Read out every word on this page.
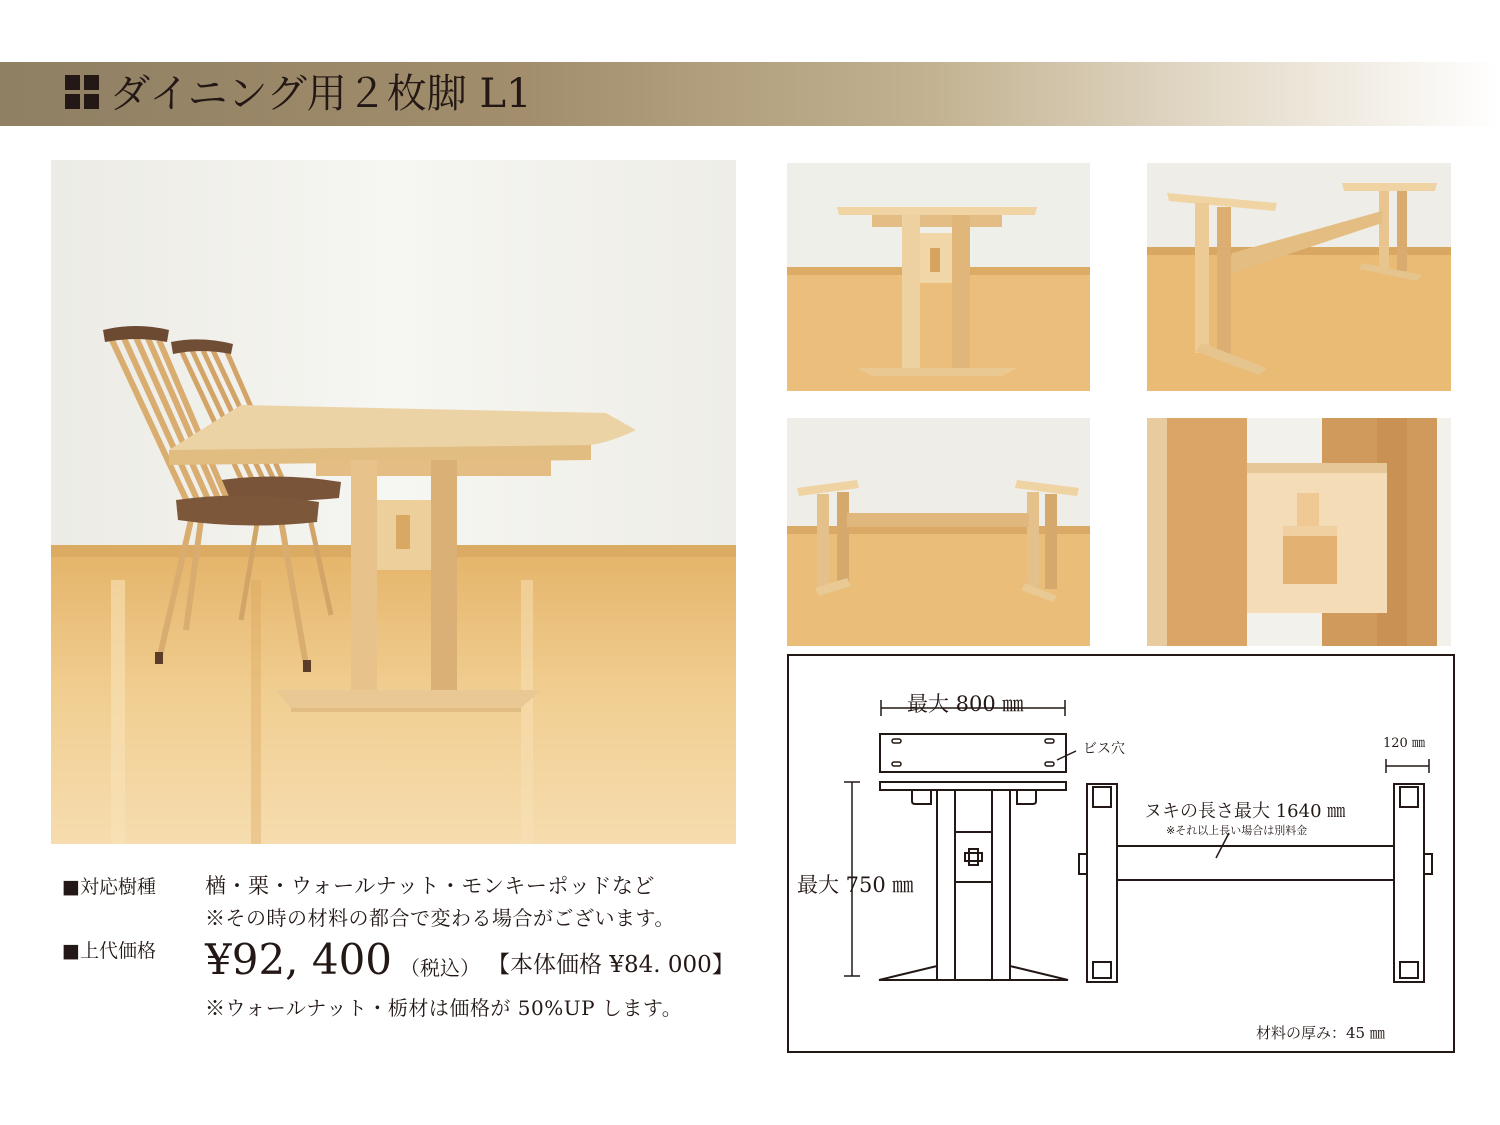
ダイニング用２枚脚 L1
■対応樹種 楢・栗・ウォールナット・モンキーポッドなど
※その時の材料の都合で変わる場合がございます。
■上代価格 ¥92, 400 （税込） 【本体価格 ¥84. 000】
※ウォールナット・栃材は価格が 50%UP します。
最大 800 ㎜
ビス穴
最大 750 ㎜
120 ㎜
ヌキの長さ最大 1640 ㎜
※それ以上長い場合は別料金
材料の厚み：45 ㎜
